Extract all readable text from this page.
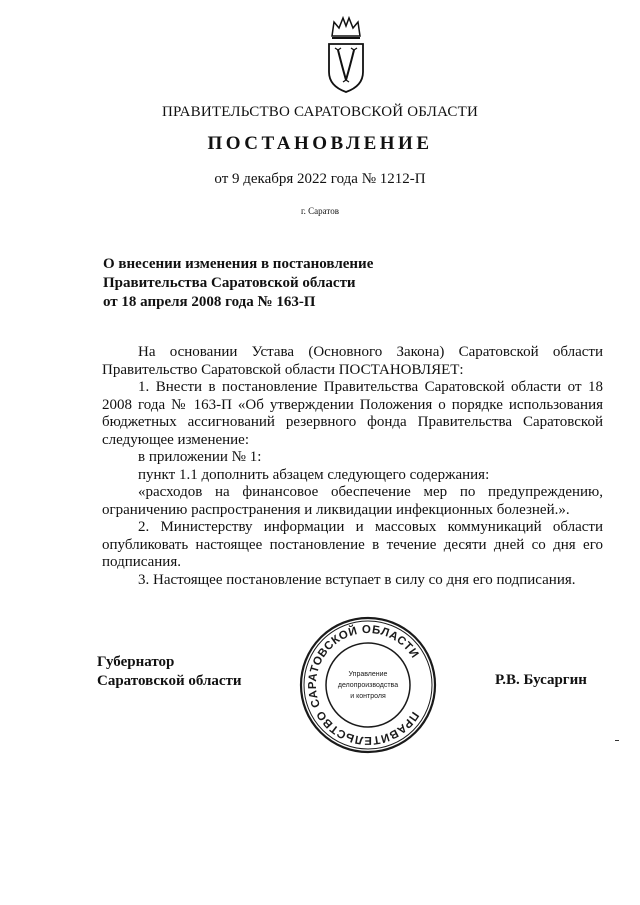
ПРАВИТЕЛЬСТВО САРАТОВСКОЙ ОБЛАСТИ
ПОСТАНОВЛЕНИЕ
от 9 декабря 2022 года № 1212-П
г. Саратов
О внесении изменения в постановление
Правительства Саратовской области
от 18 апреля 2008 года № 163-П
На основании Устава (Основного Закона) Саратовской области
Правительство Саратовской области ПОСТАНОВЛЯЕТ:
1. Внести в постановление Правительства Саратовской области от 18
2008 года № 163-П «Об утверждении Положения о порядке использования
бюджетных ассигнований резервного фонда Правительства Саратовской
следующее изменение:
в приложении № 1:
пункт 1.1 дополнить абзацем следующего содержания:
«расходов на финансовое обеспечение мер по предупреждению,
ограничению распространения и ликвидации инфекционных болезней.».
2. Министерству информации и массовых коммуникаций области
опубликовать настоящее постановление в течение десяти дней со дня его
подписания.
3. Настоящее постановление вступает в силу со дня его подписания.
Губернатор
Саратовской области
ПРАВИТЕЛЬСТВО САРАТОВСКОЙ ОБЛАСТИ
Управление
делопроизводства
и контроля
Р.В. Бусаргин
